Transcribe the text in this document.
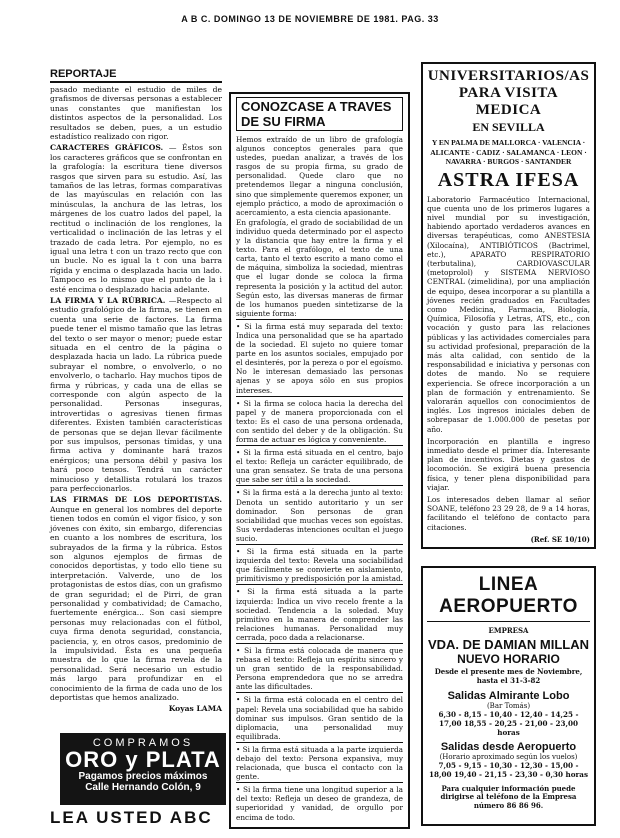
A B C. DOMINGO 13 DE NOVIEMBRE DE 1981. PAG. 33
REPORTAJE

pasado mediante el estudio de miles de grafismos de diversas personas a establecer unas constantes que manifiestan los distintos aspectos de la personalidad. Los resultados se deben, pues, a un estudio estadístico realizado con rigor.

CARACTERES GRÁFICOS. — Éstos son los caracteres gráficos que se confrontan en la grafología: la escritura tiene diversos rasgos que sirven para su estudio. Así, las tamaños de las letras, formas comparativas de las mayúsculas en relación con las minúsculas, la anchura de las letras, los márgenes de los cuatro lados del papel, la rectitud o inclinación de los renglones, la verticalidad o inclinación de las letras y el trazado de cada letra. Por ejemplo, no es igual una letra t con un trazo recto que con un bucle. No es igual la t con una barra rígida y encima o desplazada hacia un lado. Tampoco es lo mismo que el punto de la i esté encima o desplazado hacia adelante.

LA FIRMA Y LA RÚBRICA. —Respecto al estudio grafológico de la firma, se tienen en cuenta una serie de factores. La firma puede tener el mismo tamaño que las letras del texto o ser mayor o menor; puede estar situada en el centro de la página o desplazada hacia un lado. La rúbrica puede subrayar el nombre, o envolverlo, o no envolverlo, o tacharlo. Hay muchos tipos de firma y rúbricas, y cada una de ellas se corresponde con algún aspecto de la personalidad. Personas inseguras, introvertidas o agresivas tienen firmas diferentes. Existen también características de personas que se dejan llevar fácilmente por sus impulsos, personas tímidas, y una firma activa y dominante hará trazos enérgicos; una persona débil y pasiva los hará poco tensos. Tendrá un carácter minucioso y detallista rotulará los trazos para perfeccionarlos.

LAS FIRMAS DE LOS DEPORTISTAS. Aunque en general los nombres del deporte tienen todos en común el vigor físico, y son jóvenes con éxito, sin embargo, diferencias en cuanto a los nombres de escritura, los subrayados de la firma y la rúbrica. Estos son algunos ejemplos de firmas de conocidos deportistas, y todo ello tiene su interpretación. Valverde, uno de los protagonistas de estos días, con un grafismo de gran seguridad; el de Pirri, de gran personalidad y combatividad; de Camacho, fuertemente enérgica... Son casi siempre personas muy relacionadas con el fútbol, cuya firma denota seguridad, constancia, paciencia, y, en otros casos, predominio de la impulsividad. Ésta es una pequeña muestra de lo que la firma revela de la personalidad. Será necesario un estudio más largo para profundizar en el conocimiento de la firma de cada uno de los deportistas que hemos analizado.

Koyas LAMA
COMPRAMOS
ORO y PLATA
Pagamos precios máximos
Calle Hernando Colón, 9
LEA USTED ABC
CONOZCASE A TRAVES DE SU FIRMA

Hemos extraído de un libro de grafología algunos conceptos generales para que ustedes, puedan analizar, a través de los rasgos de su propia firma, su grado de personalidad. Quede claro que no pretendemos llegar a ninguna conclusión, sino que simplemente queremos exponer, un ejemplo práctico, a modo de aproximación o acercamiento, a esta ciencia apasionante.

En grafología, el grado de sociabilidad de un individuo queda determinado por el aspecto y la distancia que hay entre la firma y el texto. Para el grafólogo, el texto de una carta, tanto el texto escrito a mano como el de máquina, simboliza la sociedad, mientras que el lugar donde se coloca la firma representa la posición y la actitud del autor. Según esto, las diversas maneras de firmar de los humanos pueden sintetizarse de la siguiente forma:

• Si la firma está muy separada del texto: Indica una personalidad que se ha apartado de la sociedad. El sujeto no quiere tomar parte en los asuntos sociales, empujado por el desinterés, por la pereza o por el egoísmo. No le interesan demasiado las personas ajenas y se apoya sólo en sus propios intereses.

• Si la firma se coloca hacia la derecha del papel y de manera proporcionada con el texto: Es el caso de una persona ordenada, con sentido del deber y de la obligación. Su forma de actuar es lógica y conveniente.

• Si la firma está situada en el centro, bajo el texto: Refleja un carácter equilibrado, de una gran sensatez. Se trata de una persona que sabe ser útil a la sociedad.

• Si la firma está a la derecha junto al texto: Denota un sentido autoritario y un ser dominador. Son personas de gran sociabilidad que muchas veces son egoístas. Sus verdaderas intenciones ocultan el juego sucio.

• Si la firma está situada en la parte izquierda del texto: Revela una sociabilidad que fácilmente se convierte en aislamiento, primitivismo y predisposición por la amistad.

• Si la firma está situada a la parte izquierda: Indica un vivo recelo frente a la sociedad. Tendencia a la soledad. Muy primitivo en la manera de comprender las relaciones humanas. Personalidad muy cerrada, poco dada a relacionarse.

• Si la firma está colocada de manera que rebasa el texto: Refleja un espíritu sincero y un gran sentido de la responsabilidad. Persona emprendedora que no se arredra ante las dificultades.

• Si la firma está colocada en el centro del papel: Revela una sociabilidad que ha sabido dominar sus impulsos. Gran sentido de la diplomacia, una personalidad muy equilibrada.

• Si la firma está situada a la parte izquierda debajo del texto: Persona expansiva, muy relacionada, que busca el contacto con la gente.

• Si la firma tiene una longitud superior a la del texto: Refleja un deseo de grandeza, de superioridad y vanidad, de orgullo por encima de todo.

UNIVERSITARIOS/AS
PARA VISITA MEDICA
EN SEVILLA
Y EN PALMA DE MALLORCA · VALENCIA · ALICANTE · CADIZ · SALAMANCA · LEON · NAVARRA · BURGOS · SANTANDER
ASTRA IFESA

Laboratorio Farmacéutico Internacional, que cuenta uno de los primeros lugares a nivel mundial por su investigación, habiendo aportado verdaderos avances en diversas terapéuticas, como ANESTESIA (Xilocaína), ANTIBIÓTICOS (Bactrimel, etc.), APARATO RESPIRATORIO (terbutalina), CARDIOVASCULAR (metoprolol) y SISTEMA NERVIOSO CENTRAL (zimelidina), por una ampliación de equipo, desea incorporar a su plantilla a jóvenes recién graduados en Facultades como Medicina, Farmacia, Biología, Química, Filosofía y Letras, ATS, etc., con vocación y gusto para las relaciones públicas y las actividades comerciales para su actividad profesional, preparación de la más alta calidad, con sentido de la responsabilidad e iniciativa y personas con dotes de mando. No se requiere experiencia. Se ofrece incorporación a un plan de formación y entrenamiento. Se valorarán aquellos con conocimientos de inglés. Los ingresos iniciales deben de sobrepasar de 1.000.000 de pesetas por año.

Incorporación en plantilla e ingreso inmediato desde el primer día. Interesante plan de incentivos. Dietas y gastos de locomoción. Se exigirá buena presencia física, y tener plena disponibilidad para viajar.

Los interesados deben llamar al señor SOANE, teléfono 23 29 28, de 9 a 14 horas, facilitando el teléfono de contacto para citaciones.

(Ref. SE 10/10)
LINEA AEROPUERTO
EMPRESA
VDA. DE DAMIAN MILLAN
NUEVO HORARIO
Desde el presente mes de Noviembre, hasta el 31-3-82
Salidas Almirante Lobo
(Bar Tomás)
6,30 - 8,15 - 10,40 - 12,40 - 14,25 - 17,00 18,55 - 20,25 - 21,00 - 23,00 horas
Salidas desde Aeropuerto
(Horario aproximado según los vuelos)
7,05 - 9,15 - 10,30 - 12,30 - 15,00 - 18,00 19,40 - 21,15 - 23,30 - 0,30 horas
Para cualquier información puede dirigirse al teléfono de la Empresa número 86 86 96.
